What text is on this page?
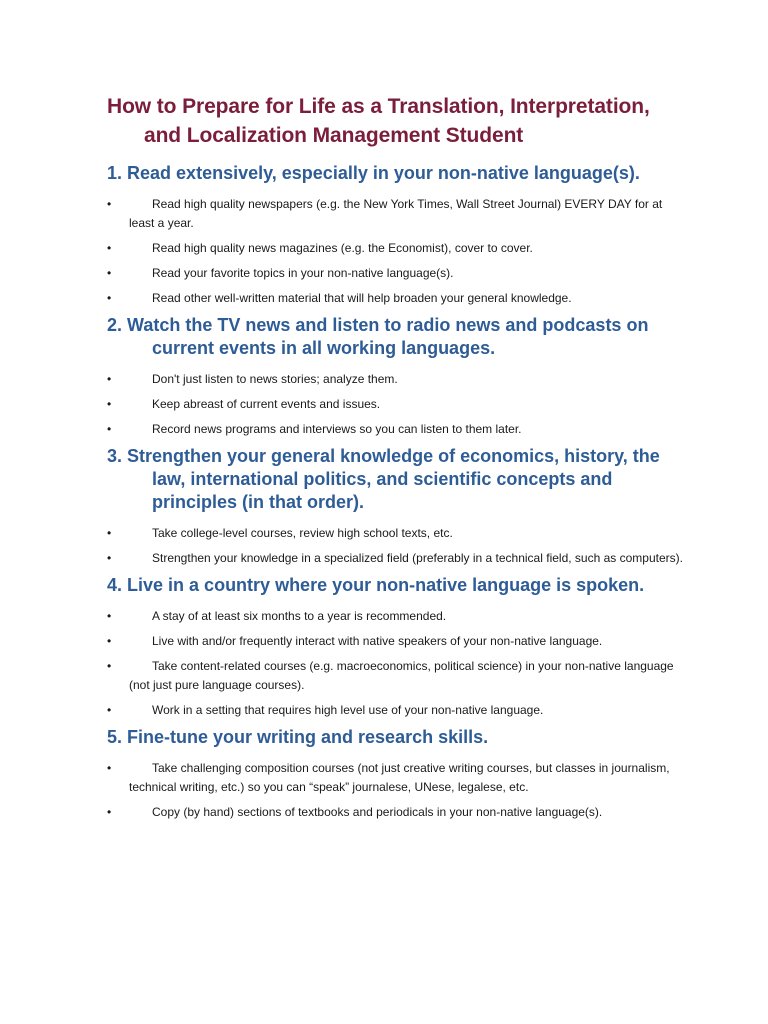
How to Prepare for Life as a Translation, Interpretation, and Localization Management Student
1. Read extensively, especially in your non-native language(s).
•	Read high quality newspapers (e.g. the New York Times, Wall Street Journal) EVERY DAY for at least a year.
•	Read high quality news magazines (e.g. the Economist), cover to cover.
•	Read your favorite topics in your non-native language(s).
•	Read other well-written material that will help broaden your general knowledge.
2. Watch the TV news and listen to radio news and podcasts on current events in all working languages.
•	Don't just listen to news stories; analyze them.
•	Keep abreast of current events and issues.
•	Record news programs and interviews so you can listen to them later.
3. Strengthen your general knowledge of economics, history, the law, international politics, and scientific concepts and principles (in that order).
•	Take college-level courses, review high school texts, etc.
•	Strengthen your knowledge in a specialized field (preferably in a technical field, such as computers).
4. Live in a country where your non-native language is spoken.
•	A stay of at least six months to a year is recommended.
•	Live with and/or frequently interact with native speakers of your non-native language.
•	Take content-related courses (e.g. macroeconomics, political science) in your non-native language (not just pure language courses).
•	Work in a setting that requires high level use of your non-native language.
5. Fine-tune your writing and research skills.
•	Take challenging composition courses (not just creative writing courses, but classes in journalism, technical writing, etc.) so you can “speak” journalese, UNese, legalese, etc.
•	Copy (by hand) sections of textbooks and periodicals in your non-native language(s).
